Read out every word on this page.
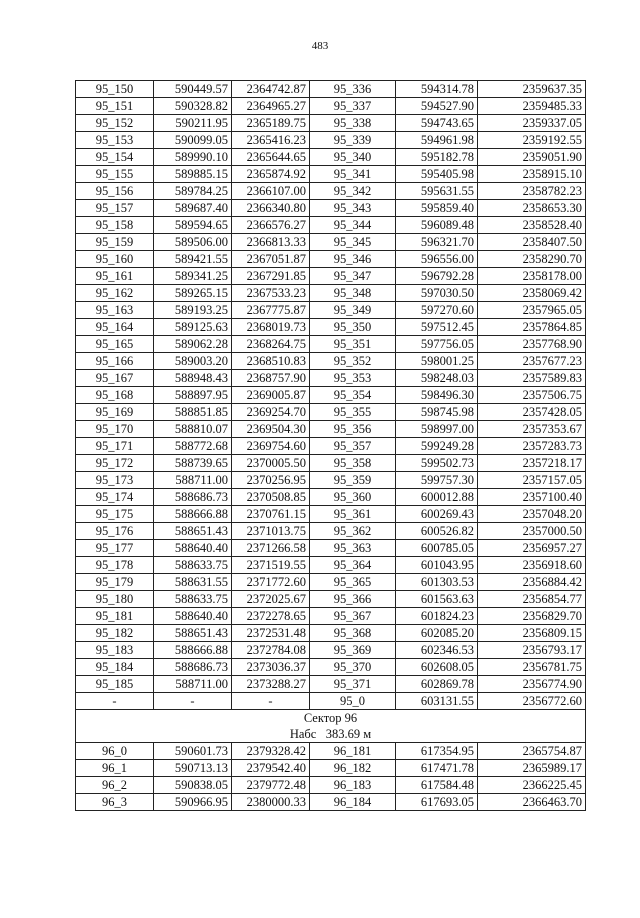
483
95_150	590449.57	2364742.87	95_336	594314.78	2359637.35
95_151	590328.82	2364965.27	95_337	594527.90	2359485.33
95_152	590211.95	2365189.75	95_338	594743.65	2359337.05
95_153	590099.05	2365416.23	95_339	594961.98	2359192.55
95_154	589990.10	2365644.65	95_340	595182.78	2359051.90
95_155	589885.15	2365874.92	95_341	595405.98	2358915.10
95_156	589784.25	2366107.00	95_342	595631.55	2358782.23
95_157	589687.40	2366340.80	95_343	595859.40	2358653.30
95_158	589594.65	2366576.27	95_344	596089.48	2358528.40
95_159	589506.00	2366813.33	95_345	596321.70	2358407.50
95_160	589421.55	2367051.87	95_346	596556.00	2358290.70
95_161	589341.25	2367291.85	95_347	596792.28	2358178.00
95_162	589265.15	2367533.23	95_348	597030.50	2358069.42
95_163	589193.25	2367775.87	95_349	597270.60	2357965.05
95_164	589125.63	2368019.73	95_350	597512.45	2357864.85
95_165	589062.28	2368264.75	95_351	597756.05	2357768.90
95_166	589003.20	2368510.83	95_352	598001.25	2357677.23
95_167	588948.43	2368757.90	95_353	598248.03	2357589.83
95_168	588897.95	2369005.87	95_354	598496.30	2357506.75
95_169	588851.85	2369254.70	95_355	598745.98	2357428.05
95_170	588810.07	2369504.30	95_356	598997.00	2357353.67
95_171	588772.68	2369754.60	95_357	599249.28	2357283.73
95_172	588739.65	2370005.50	95_358	599502.73	2357218.17
95_173	588711.00	2370256.95	95_359	599757.30	2357157.05
95_174	588686.73	2370508.85	95_360	600012.88	2357100.40
95_175	588666.88	2370761.15	95_361	600269.43	2357048.20
95_176	588651.43	2371013.75	95_362	600526.82	2357000.50
95_177	588640.40	2371266.58	95_363	600785.05	2356957.27
95_178	588633.75	2371519.55	95_364	601043.95	2356918.60
95_179	588631.55	2371772.60	95_365	601303.53	2356884.42
95_180	588633.75	2372025.67	95_366	601563.63	2356854.77
95_181	588640.40	2372278.65	95_367	601824.23	2356829.70
95_182	588651.43	2372531.48	95_368	602085.20	2356809.15
95_183	588666.88	2372784.08	95_369	602346.53	2356793.17
95_184	588686.73	2373036.37	95_370	602608.05	2356781.75
95_185	588711.00	2373288.27	95_371	602869.78	2356774.90
-	-	-	95_0	603131.55	2356772.60

Сектор 96
Набс   383.69 м					

96_0	590601.73	2379328.42	96_181	617354.95	2365754.87
96_1	590713.13	2379542.40	96_182	617471.78	2365989.17
96_2	590838.05	2379772.48	96_183	617584.48	2366225.45
96_3	590966.95	2380000.33	96_184	617693.05	2366463.70
